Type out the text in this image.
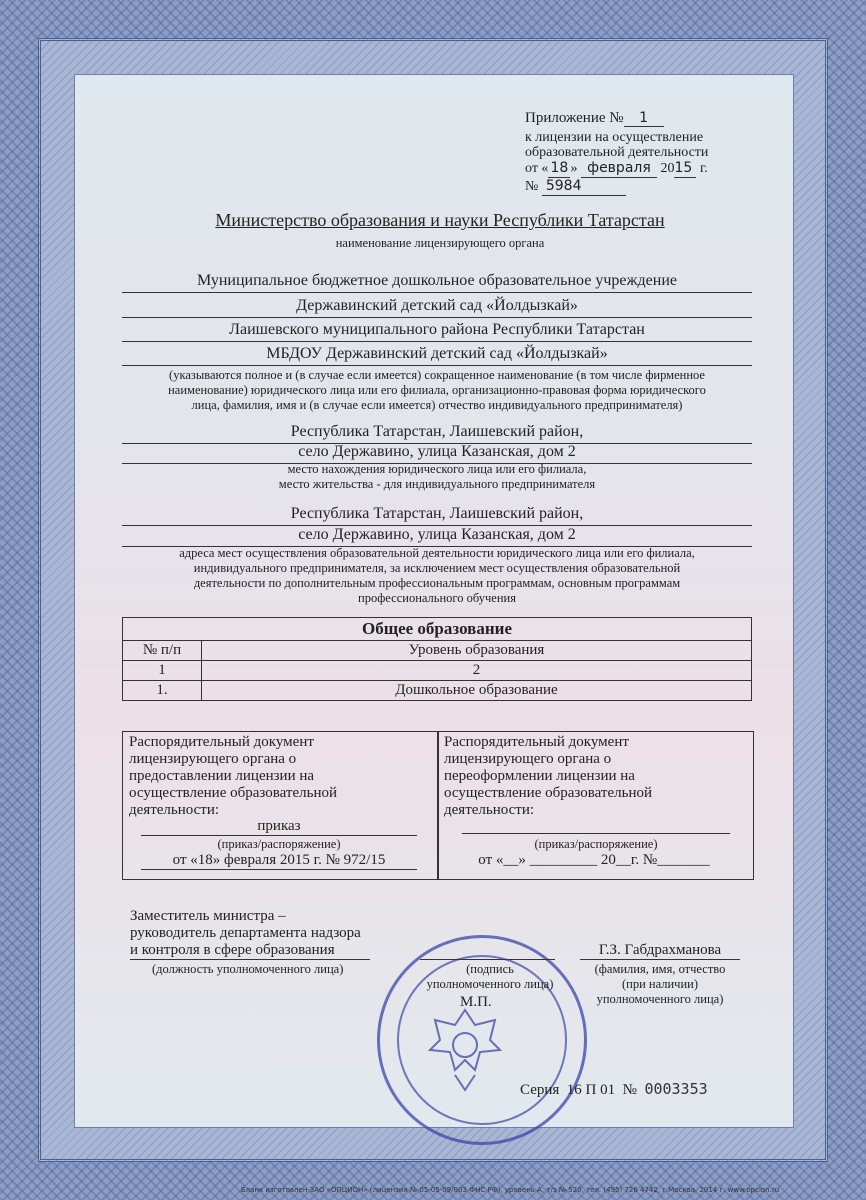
Приложение № 1
к лицензии на осуществление
образовательной деятельности
от « 18 » февраля 2015 г.
№ 5984
Министерство образования и науки Республики Татарстан
наименование лицензирующего органа
Муниципальное бюджетное дошкольное образовательное учреждение
Державинский детский сад «Йолдызкай»
Лаишевского муниципального района Республики Татарстан
МБДОУ Державинский детский сад «Йолдызкай»
(указываются полное и (в случае если имеется) сокращенное наименование (в том числе фирменное
наименование) юридического лица или его филиала, организационно-правовая форма юридического
лица, фамилия, имя и (в случае если имеется) отчество индивидуального предпринимателя)
Республика Татарстан, Лаишевский район,
село Державино, улица Казанская, дом 2
место нахождения юридического лица или его филиала,
место жительства - для индивидуального предпринимателя
Республика Татарстан, Лаишевский район,
село Державино, улица Казанская, дом 2
адреса мест осуществления образовательной деятельности юридического лица или его филиала,
индивидуального предпринимателя, за исключением мест осуществления образовательной
деятельности по дополнительным профессиональным программам, основным программам
профессионального обучения
Общее образование	
№ п/п	Уровень образования
1	2
1.	Дошкольное образование
Распорядительный документ
лицензирующего органа о
предоставлении лицензии на
осуществление образовательной
деятельности:
приказ
(приказ/распоряжение)
от «18» февраля 2015 г. № 972/15
Распорядительный документ
лицензирующего органа о
переоформлении лицензии на
осуществление образовательной
деятельности:
(приказ/распоряжение)
от «__» _________ 20__г. №_______
Заместитель министра –
руководитель департамента надзора
и контроля в сфере образования
(должность уполномоченного лица)	(подпись
уполномоченного лица)
М.П.
Г.З. Габдрахманова
(фамилия, имя, отчество
(при наличии)
уполномоченного лица)
Серия 16 П 01 № 0003353
Бланк изготовлен ЗАО «ОПЦИОН» (лицензия № 05-05-09/003 ФНС РФ), уровень А, т/з № 520, тел. (495) 726 4742, г.Москва, 2014 г. www.opcion.ru
